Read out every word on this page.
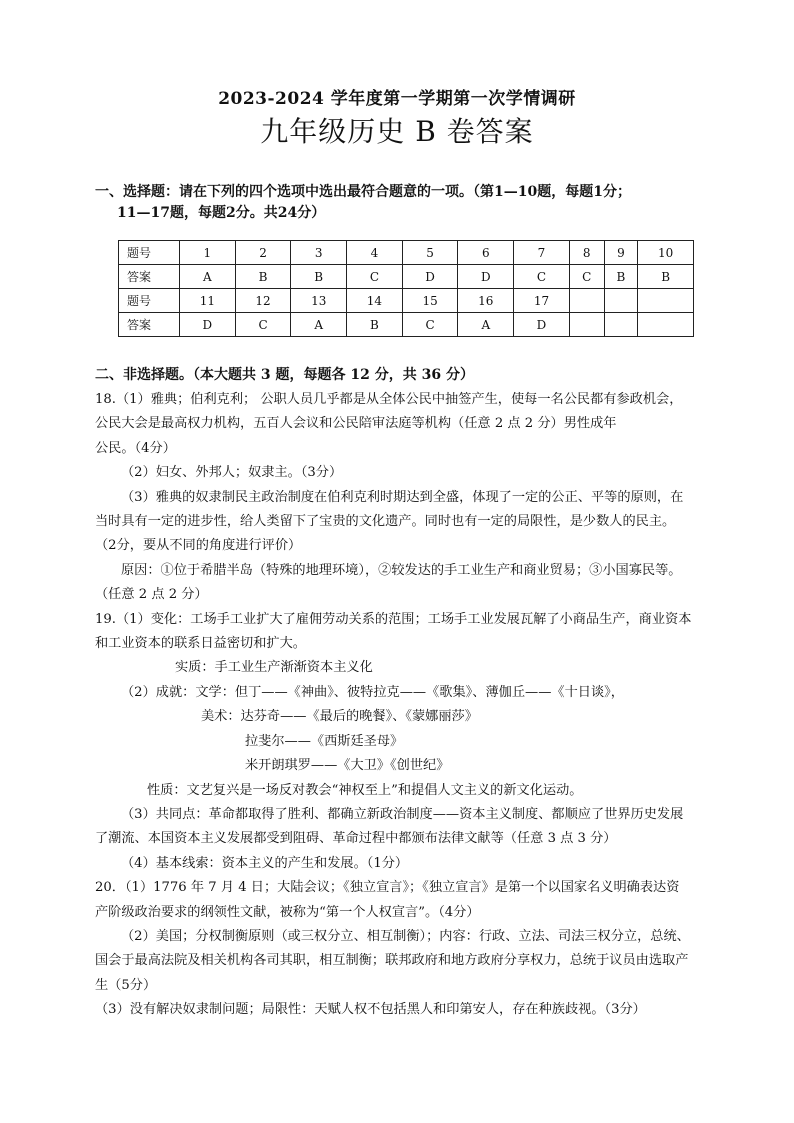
2023-2024 学年度第一学期第一次学情调研
九年级历史 B 卷答案
一、选择题：请在下列的四个选项中选出最符合题意的一项。（第1—10题，每题1分；
11—17题，每题2分。共24分）
题号	1	2	3	4	5	6	7	8	9	10
答案	A	B	B	C	D	D	C	C	B	B
题号	11	12	13	14	15	16	17			
答案	D	C	A	B	C	A	D			
二、非选择题。（本大题共 3 题，每题各 12 分，共 36 分）

18.（1）雅典；伯利克利； 公职人员几乎都是从全体公民中抽签产生，使每一名公民都有参政机会，

公民大会是最高权力机构，五百人会议和公民陪审法庭等机构（任意 2 点 2 分）男性成年

公民。（4分）

（2）妇女、外邦人；奴隶主。（3分）

（3）雅典的奴隶制民主政治制度在伯利克利时期达到全盛，体现了一定的公正、平等的原则，在

当时具有一定的进步性，给人类留下了宝贵的文化遗产。同时也有一定的局限性，是少数人的民主。

（2分，要从不同的角度进行评价）

原因：①位于希腊半岛（特殊的地理环境），②较发达的手工业生产和商业贸易；③小国寡民等。

（任意 2 点 2 分）

19.（1）变化：工场手工业扩大了雇佣劳动关系的范围；工场手工业发展瓦解了小商品生产，商业资本

和工业资本的联系日益密切和扩大。

实质：手工业生产渐渐资本主义化

（2）成就：文学：但丁——《神曲》、彼特拉克——《歌集》、薄伽丘——《十日谈》，

美术：达芬奇——《最后的晚餐》、《蒙娜丽莎》

拉斐尔——《西斯廷圣母》

米开朗琪罗——《大卫》《创世纪》

性质：文艺复兴是一场反对教会“神权至上”和提倡人文主义的新文化运动。

（3）共同点：革命都取得了胜利、都确立新政治制度——资本主义制度、都顺应了世界历史发展

了潮流、本国资本主义发展都受到阻碍、革命过程中都颁布法律文献等（任意 3 点 3 分）

（4）基本线索：资本主义的产生和发展。（1分）

20．（1）1776 年 7 月 4 日；大陆会议；《独立宣言》；《独立宣言》是第一个以国家名义明确表达资

产阶级政治要求的纲领性文献，被称为“第一个人权宣言”。（4分）

（2）美国；分权制衡原则（或三权分立、相互制衡）；内容：行政、立法、司法三权分立，总统、

国会于最高法院及相关机构各司其职，相互制衡；联邦政府和地方政府分享权力，总统于议员由选取产

生（5分）

（3）没有解决奴隶制问题；局限性：天赋人权不包括黑人和印第安人，存在种族歧视。（3分）
